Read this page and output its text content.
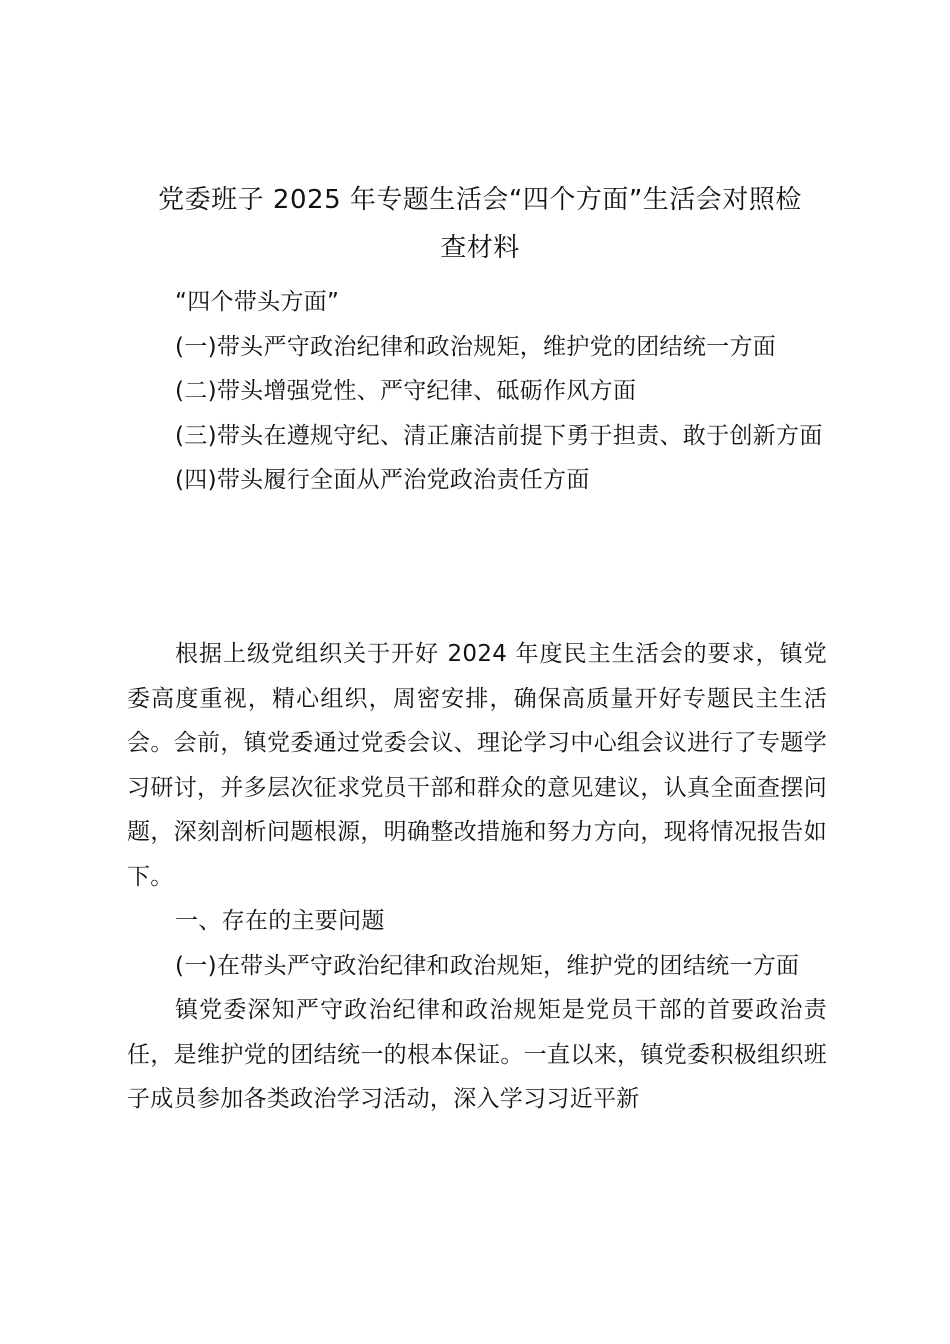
党委班子 2025 年专题生活会“四个方面”生活会对照检
查材料

“四个带头方面”

(一)带头严守政治纪律和政治规矩，维护党的团结统一方面

(二)带头增强党性、严守纪律、砥砺作风方面

(三)带头在遵规守纪、清正廉洁前提下勇于担责、敢于创新方面

(四)带头履行全面从严治党政治责任方面

根据上级党组织关于开好 2024 年度民主生活会的要求，镇党委高度重视，精心组织，周密安排，确保高质量开好专题民主生活会。会前，镇党委通过党委会议、理论学习中心组会议进行了专题学习研讨，并多层次征求党员干部和群众的意见建议，认真全面查摆问题，深刻剖析问题根源，明确整改措施和努力方向，现将情况报告如下。

一、存在的主要问题

(一)在带头严守政治纪律和政治规矩，维护党的团结统一方面

镇党委深知严守政治纪律和政治规矩是党员干部的首要政治责任，是维护党的团结统一的根本保证。一直以来，镇党委积极组织班子成员参加各类政治学习活动，深入学习习近平新
